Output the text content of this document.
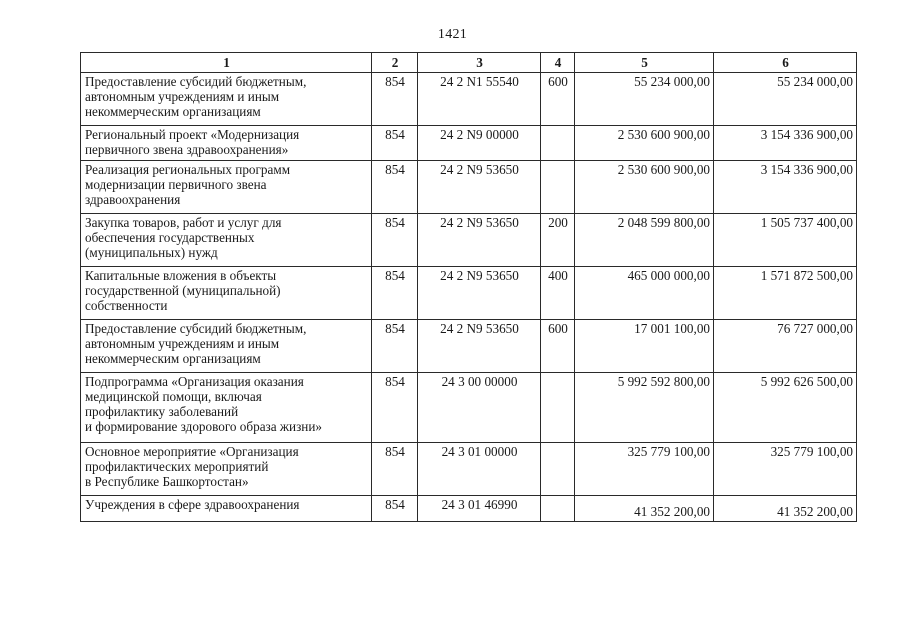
1421
1	2	3	4	5	6

Предоставление субсидий бюджетным,
автономным учреждениям и иным
некоммерческим организациям	854	24 2 N1 55540	600	55 234 000,00	55 234 000,00

Региональный проект «Модернизация
первичного звена здравоохранения»	854	24 2 N9 00000		2 530 600 900,00	3 154 336 900,00

Реализация региональных программ
модернизации первичного звена
здравоохранения	854	24 2 N9 53650		2 530 600 900,00	3 154 336 900,00

Закупка товаров, работ и услуг для
обеспечения государственных
(муниципальных) нужд	854	24 2 N9 53650	200	2 048 599 800,00	1 505 737 400,00

Капитальные вложения в объекты
государственной (муниципальной)
собственности	854	24 2 N9 53650	400	465 000 000,00	1 571 872 500,00

Предоставление субсидий бюджетным,
автономным учреждениям и иным
некоммерческим организациям	854	24 2 N9 53650	600	17 001 100,00	76 727 000,00

Подпрограмма «Организация оказания
медицинской помощи, включая
профилактику заболеваний
и формирование здорового образа жизни»	854	24 3 00 00000		5 992 592 800,00	5 992 626 500,00

Основное мероприятие «Организация
профилактических мероприятий
в Республике Башкортостан»	854	24 3 01 00000		325 779 100,00	325 779 100,00

Учреждения в сфере здравоохранения	854	24 3 01 46990		41 352 200,00	41 352 200,00
